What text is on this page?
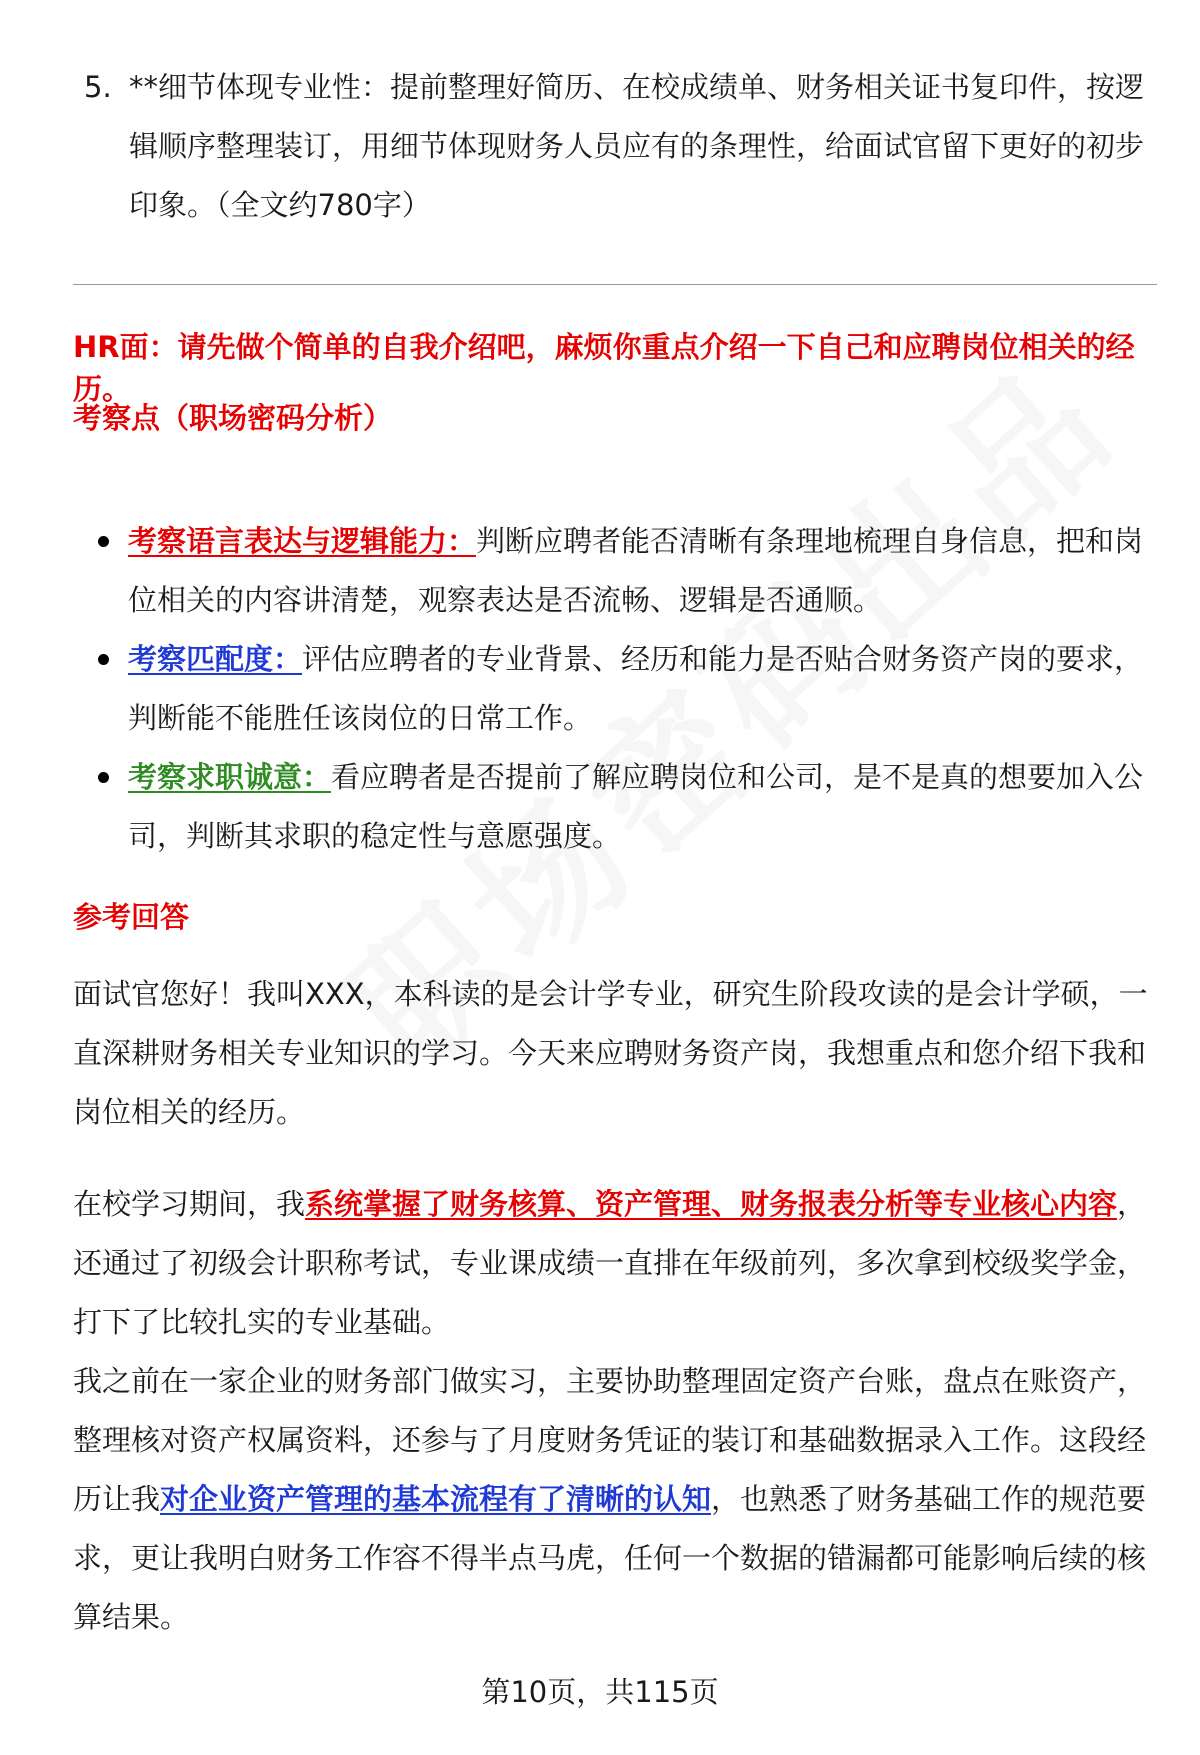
5. **细节体现专业性：提前整理好简历、在校成绩单、财务相关证书复印件，按逻辑顺序整理装订，用细节体现财务人员应有的条理性，给面试官留下更好的初步印象。（全文约780字）
HR面：请先做个简单的自我介绍吧，麻烦你重点介绍一下自己和应聘岗位相关的经历。
考察点（职场密码分析）
考察语言表达与逻辑能力：判断应聘者能否清晰有条理地梳理自身信息，把和岗位相关的内容讲清楚，观察表达是否流畅、逻辑是否通顺。
考察匹配度：评估应聘者的专业背景、经历和能力是否贴合财务资产岗的要求，判断能不能胜任该岗位的日常工作。
考察求职诚意：看应聘者是否提前了解应聘岗位和公司，是不是真的想要加入公司，判断其求职的稳定性与意愿强度。
参考回答

面试官您好！我叫XXX，本科读的是会计学专业，研究生阶段攻读的是会计学硕，一直深耕财务相关专业知识的学习。今天来应聘财务资产岗，我想重点和您介绍下我和岗位相关的经历。

在校学习期间，我系统掌握了财务核算、资产管理、财务报表分析等专业核心内容，还通过了初级会计职称考试，专业课成绩一直排在年级前列，多次拿到校级奖学金，打下了比较扎实的专业基础。

我之前在一家企业的财务部门做实习，主要协助整理固定资产台账，盘点在账资产，整理核对资产权属资料，还参与了月度财务凭证的装订和基础数据录入工作。这段经历让我对企业资产管理的基本流程有了清晰的认知，也熟悉了财务基础工作的规范要求，更让我明白财务工作容不得半点马虎，任何一个数据的错漏都可能影响后续的核算结果。

第10页，共115页
